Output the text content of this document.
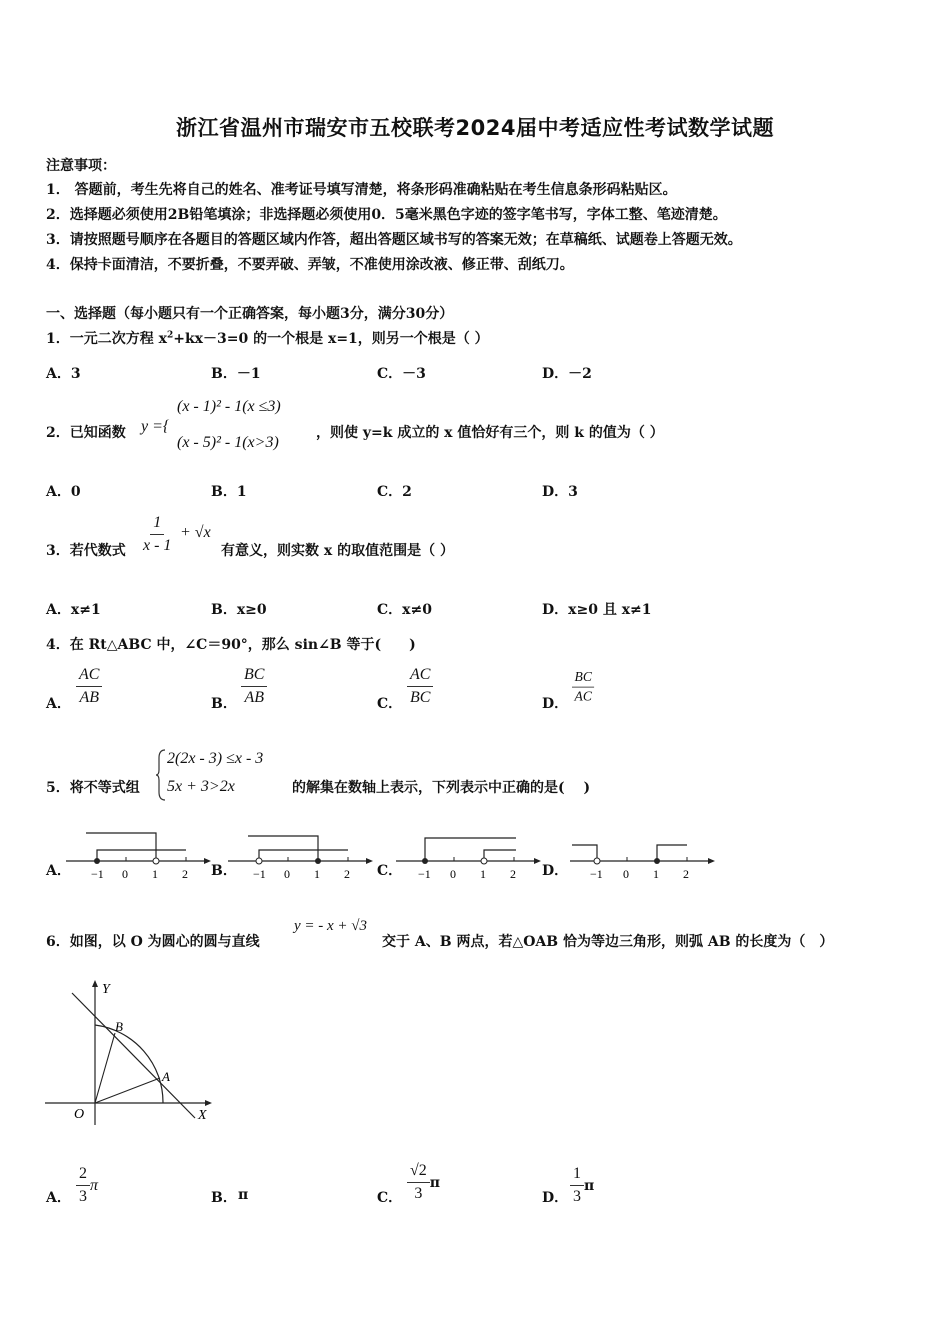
浙江省温州市瑞安市五校联考2024届中考适应性考试数学试题
注意事项：
1． 答题前，考生先将自己的姓名、准考证号填写清楚，将条形码准确粘贴在考生信息条形码粘贴区。
2．选择题必须使用2B铅笔填涂；非选择题必须使用0．5毫米黑色字迹的签字笔书写，字体工整、笔迹清楚。
3．请按照题号顺序在各题目的答题区域内作答，超出答题区域书写的答案无效；在草稿纸、试题卷上答题无效。
4．保持卡面清洁，不要折叠，不要弄破、弄皱，不准使用涂改液、修正带、刮纸刀。
一、选择题（每小题只有一个正确答案，每小题3分，满分30分）
1．一元二次方程 $x^2+kx-3=0$ 的一个根是 x=1，则另一个根是（ ）
A．3	B．－1	C．－3	D．－2
2．已知函数 y ={
(x - 1)² - 1(x ≤3)
(x - 5)² - 1(x>3)
，则使 y=k 成立的 x 值恰好有三个，则 k 的值为（ ）
A．0	B．1	C．2	D．3
3．若代数式 $\frac{1}{x - 1} + √x$
有意义，则实数 x 的取值范围是（ ）
A．x≠1	B．x≥0	C．x≠0	D．x≥0 且 x≠1
4．在 Rt△ABC 中，∠C＝90°，那么 sin∠B 等于(　　)
A． $\frac{AC}{AB}$	B． $\frac{BC}{AB}$	C． $\frac{AC}{BC}$	D． $\frac{BC}{AC}$
5．将不等式组
2(2x - 3) ≤x - 3
5x + 3>2x	的解集在数轴上表示，下列表示中正确的是(　 )
A．	B．	C．	D．
−1 0 1 2	−1 0 1 2	−1 0 1 2	−1 0 1 2
6．如图，以 O 为圆心的圆与直线
y = - x + √3
交于 A、B 两点，若△OAB 恰为等边三角形，则弧 AB 的长度为（　）
Y
X
O
A
B
A． $\frac{2}{3}$ π
B． π	C． $\frac{√2}{3}$ π
D． $\frac{1}{3}$ π
